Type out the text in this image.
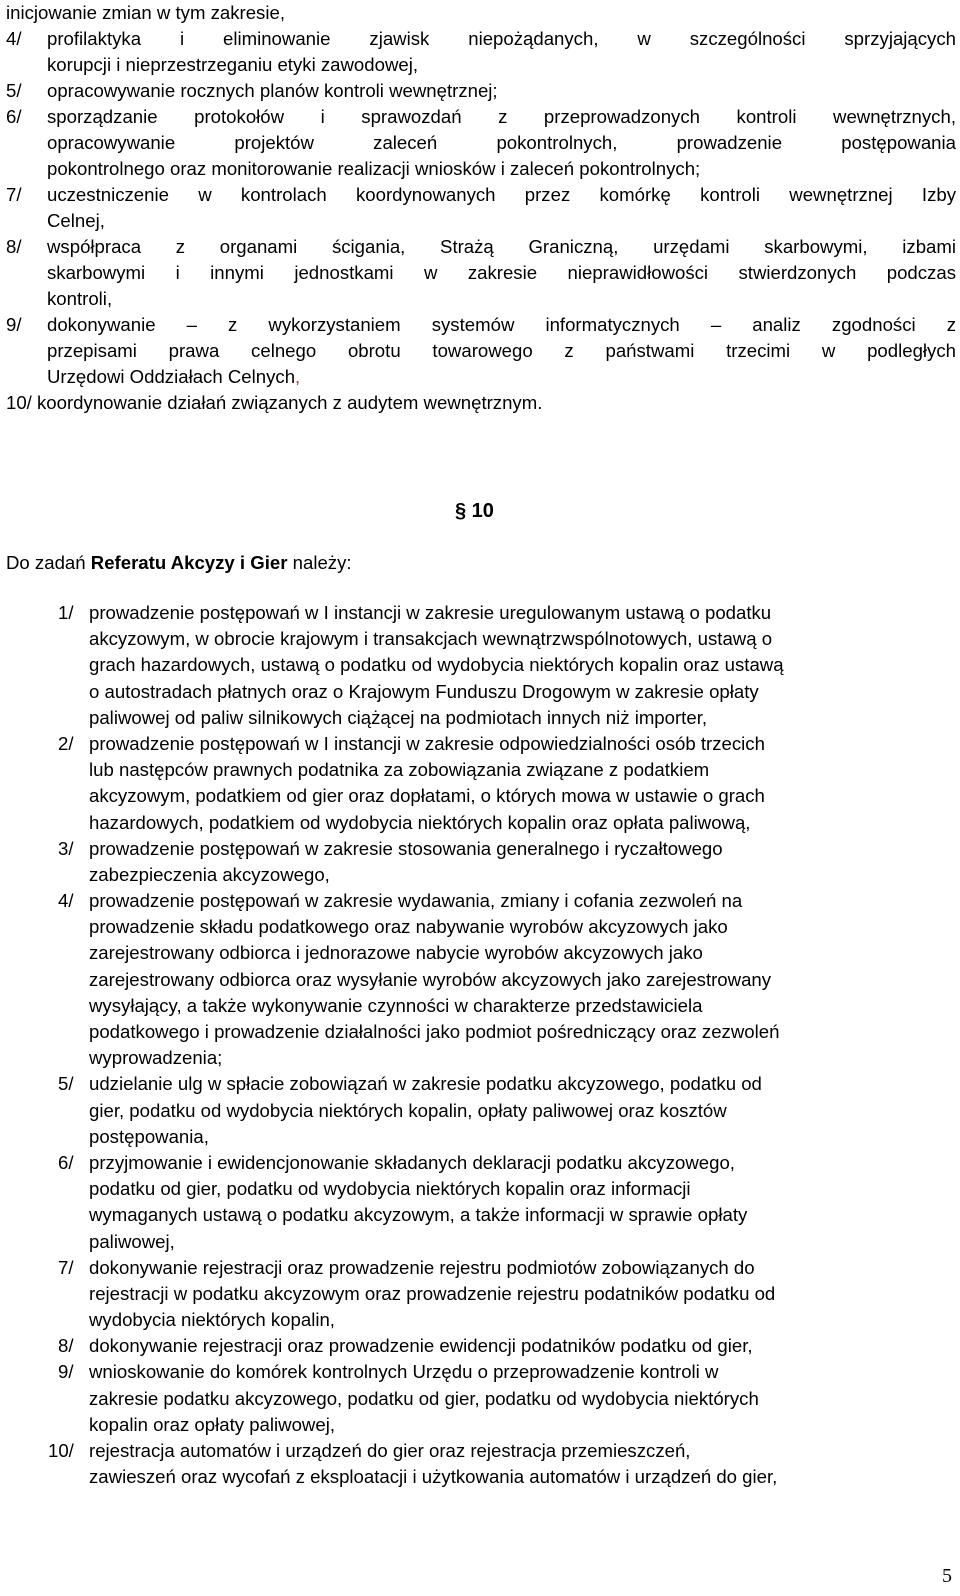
inicjowanie zmian w tym zakresie,
4/ profilaktyka i eliminowanie zjawisk niepożądanych, w szczególności sprzyjających
korupcji i nieprzestrzeganiu etyki zawodowej,
5/ opracowywanie rocznych planów kontroli wewnętrznej;
6/ sporządzanie protokołów i sprawozdań z przeprowadzonych kontroli wewnętrznych,
opracowywanie projektów zaleceń pokontrolnych, prowadzenie postępowania
pokontrolnego oraz monitorowanie realizacji wniosków i zaleceń pokontrolnych;
7/ uczestniczenie w kontrolach koordynowanych przez komórkę kontroli wewnętrznej Izby
Celnej,
8/ współpraca z organami ścigania, Strażą Graniczną, urzędami skarbowymi, izbami
skarbowymi i innymi jednostkami w zakresie nieprawidłowości stwierdzonych podczas
kontroli,
9/ dokonywanie – z wykorzystaniem systemów informatycznych – analiz zgodności z
przepisami prawa celnego obrotu towarowego z państwami trzecimi w podległych
Urzędowi Oddziałach Celnych,
10/ koordynowanie działań związanych z audytem wewnętrznym.
§ 10
Do zadań Referatu Akcyzy i Gier należy:
1/ prowadzenie postępowań w I instancji w zakresie uregulowanym ustawą o podatku
akcyzowym, w obrocie krajowym i transakcjach wewnątrzwspólnotowych, ustawą o
grach hazardowych, ustawą o podatku od wydobycia niektórych kopalin oraz ustawą
o autostradach płatnych oraz o Krajowym Funduszu Drogowym w zakresie opłaty
paliwowej od paliw silnikowych ciążącej na podmiotach innych niż importer,
2/ prowadzenie postępowań w I instancji w zakresie odpowiedzialności osób trzecich
lub następców prawnych podatnika za zobowiązania związane z podatkiem
akcyzowym, podatkiem od gier oraz dopłatami, o których mowa w ustawie o grach
hazardowych, podatkiem od wydobycia niektórych kopalin oraz opłata paliwową,
3/ prowadzenie postępowań w zakresie stosowania generalnego i ryczałtowego
zabezpieczenia akcyzowego,
4/ prowadzenie postępowań w zakresie wydawania, zmiany i cofania zezwoleń na
prowadzenie składu podatkowego oraz nabywanie wyrobów akcyzowych jako
zarejestrowany odbiorca i jednorazowe nabycie wyrobów akcyzowych jako
zarejestrowany odbiorca oraz wysyłanie wyrobów akcyzowych jako zarejestrowany
wysyłający, a także wykonywanie czynności w charakterze przedstawiciela
podatkowego i prowadzenie działalności jako podmiot pośredniczący oraz zezwoleń
wyprowadzenia;
5/ udzielanie ulg w spłacie zobowiązań w zakresie podatku akcyzowego, podatku od
gier, podatku od wydobycia niektórych kopalin, opłaty paliwowej oraz kosztów
postępowania,
6/ przyjmowanie i ewidencjonowanie składanych deklaracji podatku akcyzowego,
podatku od gier, podatku od wydobycia niektórych kopalin oraz informacji
wymaganych ustawą o podatku akcyzowym, a także informacji w sprawie opłaty
paliwowej,
7/ dokonywanie rejestracji oraz prowadzenie rejestru podmiotów zobowiązanych do
rejestracji w podatku akcyzowym oraz prowadzenie rejestru podatników podatku od
wydobycia niektórych kopalin,
8/ dokonywanie rejestracji oraz prowadzenie ewidencji podatników podatku od gier,
9/ wnioskowanie do komórek kontrolnych Urzędu o przeprowadzenie kontroli w
zakresie podatku akcyzowego, podatku od gier, podatku od wydobycia niektórych
kopalin oraz opłaty paliwowej,
10/ rejestracja automatów i urządzeń do gier oraz rejestracja przemieszczeń,
zawieszeń oraz wycofań z eksploatacji i użytkowania automatów i urządzeń do gier,
5
